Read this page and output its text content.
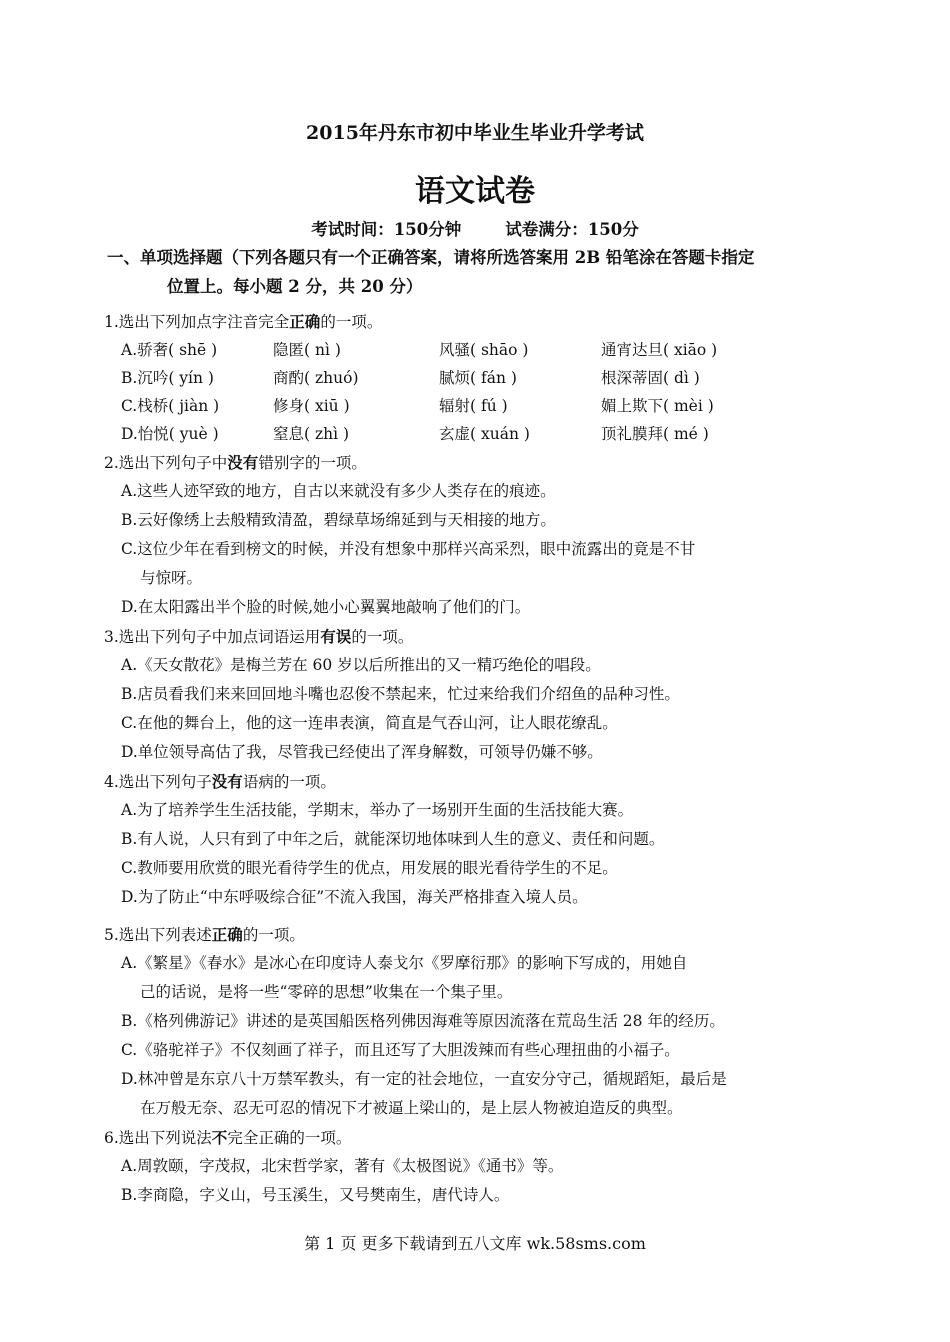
2015年丹东市初中毕业生毕业升学考试
语文试卷
考试时间：150分钟	试卷满分：150分
一、单项选择题（下列各题只有一个正确答案，请将所选答案用 2B 铅笔涂在答题卡指定
位置上。每小题 2 分，共 20 分）
1.选出下列加点字注音完全正确的一项。
A.骄奢( shē )	隐匿( nì )	风骚( shāo )	通宵达旦( xiāo )
B.沉吟( yín )	商酌( zhuó)	腻烦( fán )	根深蒂固( dì )
C.栈桥( jiàn )	修身( xiū )	辐射( fú )	媚上欺下( mèi )
D.怡悦( yuè )	窒息( zhì )	玄虚( xuán )	顶礼膜拜( mé )
2.选出下列句子中没有错别字的一项。
A.这些人迹罕致的地方，自古以来就没有多少人类存在的痕迹。
B.云好像绣上去般精致清盈，碧绿草场绵延到与天相接的地方。
C.这位少年在看到榜文的时候，并没有想象中那样兴高采烈，眼中流露出的竟是不甘
与惊呀。
D.在太阳露出半个脸的时候,她小心翼翼地敲响了他们的门。
3.选出下列句子中加点词语运用有误的一项。
A.《天女散花》是梅兰芳在 60 岁以后所推出的又一精巧绝伦的唱段。
B.店员看我们来来回回地斗嘴也忍俊不禁起来，忙过来给我们介绍鱼的品种习性。
C.在他的舞台上，他的这一连串表演，简直是气吞山河，让人眼花缭乱。
D.单位领导高估了我，尽管我已经使出了浑身解数，可领导仍嫌不够。
4.选出下列句子没有语病的一项。
A.为了培养学生生活技能，学期末，举办了一场别开生面的生活技能大赛。
B.有人说，人只有到了中年之后，就能深切地体味到人生的意义、责任和问题。
C.教师要用欣赏的眼光看待学生的优点，用发展的眼光看待学生的不足。
D.为了防止“中东呼吸综合征”不流入我国，海关严格排查入境人员。
5.选出下列表述正确的一项。
A.《繁星》《春水》是冰心在印度诗人泰戈尔《罗摩衍那》的影响下写成的，用她自
己的话说，是将一些“零碎的思想”收集在一个集子里。
B.《格列佛游记》讲述的是英国船医格列佛因海难等原因流落在荒岛生活 28 年的经历。
C.《骆驼祥子》不仅刻画了祥子，而且还写了大胆泼辣而有些心理扭曲的小福子。
D.林冲曾是东京八十万禁军教头，有一定的社会地位，一直安分守己，循规蹈矩，最后是
在万般无奈、忍无可忍的情况下才被逼上梁山的，是上层人物被迫造反的典型。
6.选出下列说法不完全正确的一项。
A.周敦颐，字茂叔，北宋哲学家，著有《太极图说》《通书》等。
B.李商隐，字义山，号玉溪生，又号樊南生，唐代诗人。
第 1 页 更多下载请到五八文库 wk.58sms.com
